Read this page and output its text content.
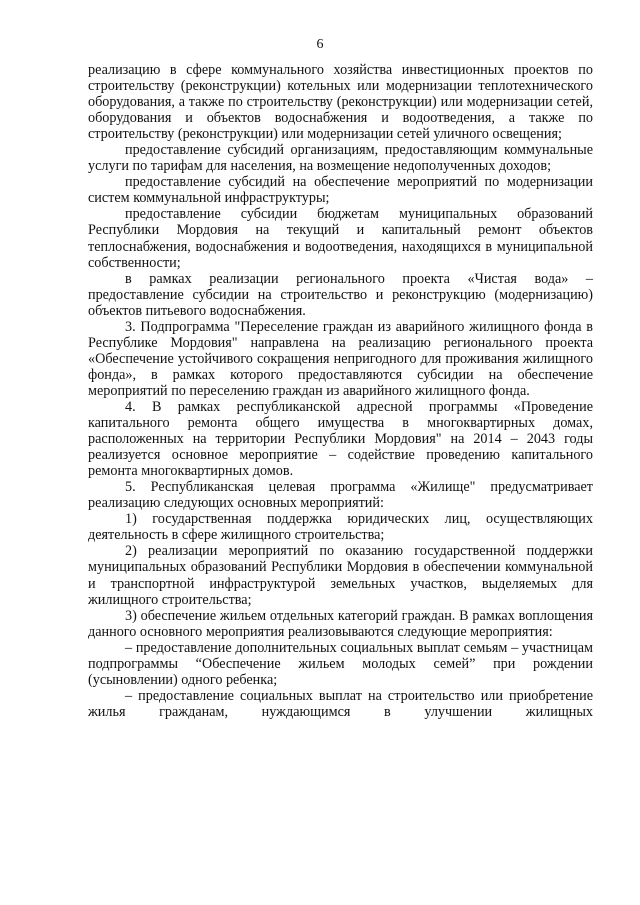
6

реализацию в сфере коммунального хозяйства инвестиционных проектов по строительству (реконструкции) котельных или модернизации теплотехнического оборудования, а также по строительству (реконструкции) или модернизации сетей, оборудования и объектов водоснабжения и водоотведения, а также по строительству (реконструкции) или модернизации сетей уличного освещения;

предоставление субсидий организациям, предоставляющим коммунальные услуги по тарифам для населения, на возмещение недополученных доходов;

предоставление субсидий на обеспечение мероприятий по модернизации систем коммунальной инфраструктуры;

предоставление субсидии бюджетам муниципальных образований Республики Мордовия на текущий и капитальный ремонт объектов теплоснабжения, водоснабжения и водоотведения, находящихся в муниципальной собственности;

в рамках реализации регионального проекта «Чистая вода» – предоставление субсидии на строительство и реконструкцию (модернизацию) объектов питьевого водоснабжения.

3. Подпрограмма "Переселение граждан из аварийного жилищного фонда в Республике Мордовия" направлена на реализацию регионального проекта «Обеспечение устойчивого сокращения непригодного для проживания жилищного фонда», в рамках которого предоставляются субсидии на обеспечение мероприятий по переселению граждан из аварийного жилищного фонда.

4. В рамках республиканской адресной программы «Проведение капитального ремонта общего имущества в многоквартирных домах, расположенных на территории Республики Мордовия" на 2014 – 2043 годы реализуется основное мероприятие – содействие проведению капитального ремонта многоквартирных домов.

5. Республиканская целевая программа «Жилище" предусматривает реализацию следующих основных мероприятий:

1) государственная поддержка юридических лиц, осуществляющих деятельность в сфере жилищного строительства;

2) реализации мероприятий по оказанию государственной поддержки муниципальных образований Республики Мордовия в обеспечении коммунальной и транспортной инфраструктурой земельных участков, выделяемых для жилищного строительства;

3) обеспечение жильем отдельных категорий граждан. В рамках воплощения данного основного мероприятия реализовываются следующие мероприятия:

– предоставление дополнительных социальных выплат семьям – участницам подпрограммы “Обеспечение жильем молодых семей” при рождении (усыновлении) одного ребенка;

– предоставление социальных выплат на строительство или приобретение жилья гражданам, нуждающимся в улучшении жилищных
